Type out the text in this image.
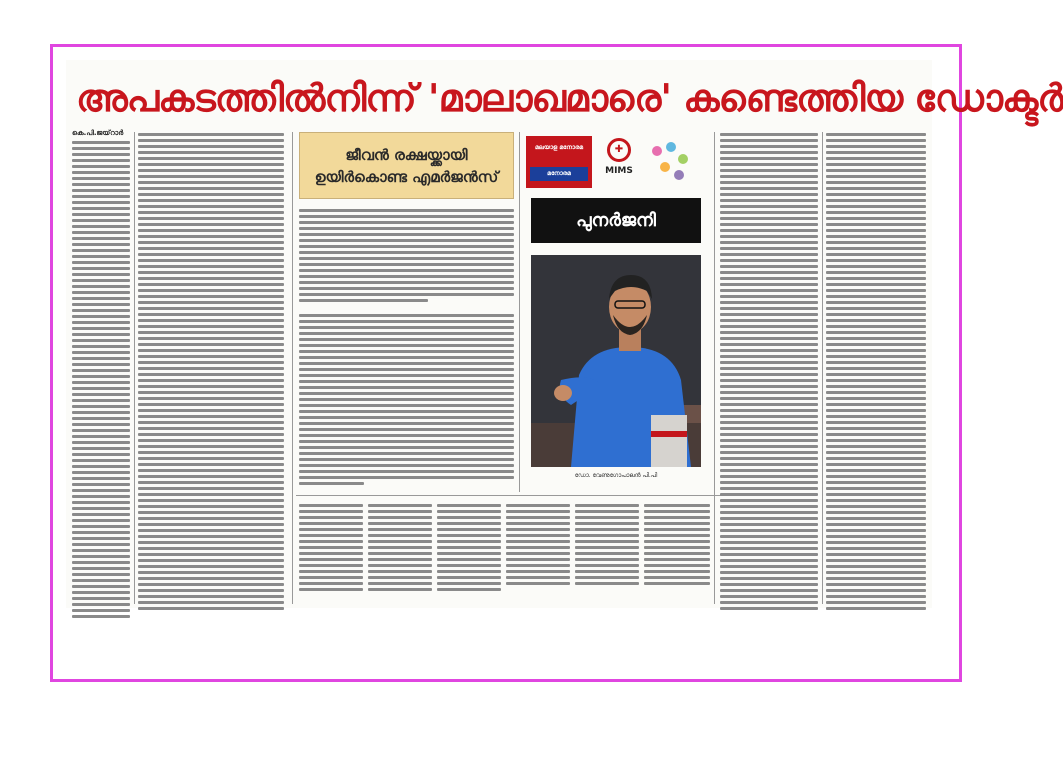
അപകടത്തിൽനിന്ന് 'മാലാഖമാരെ' കണ്ടെത്തിയ ഡോക്ടർ
കെ.പി.ജയ്‌റാർ
ജീവൻ രക്ഷയ്ക്കായി
ഉയിർകൊണ്ട എമർജൻസ്
മലയാള മനോരമ
മനോരമ
✚
MIMS
പുനർജനി
ഡോ. വേണുഗോപാലൻ പി.പി
